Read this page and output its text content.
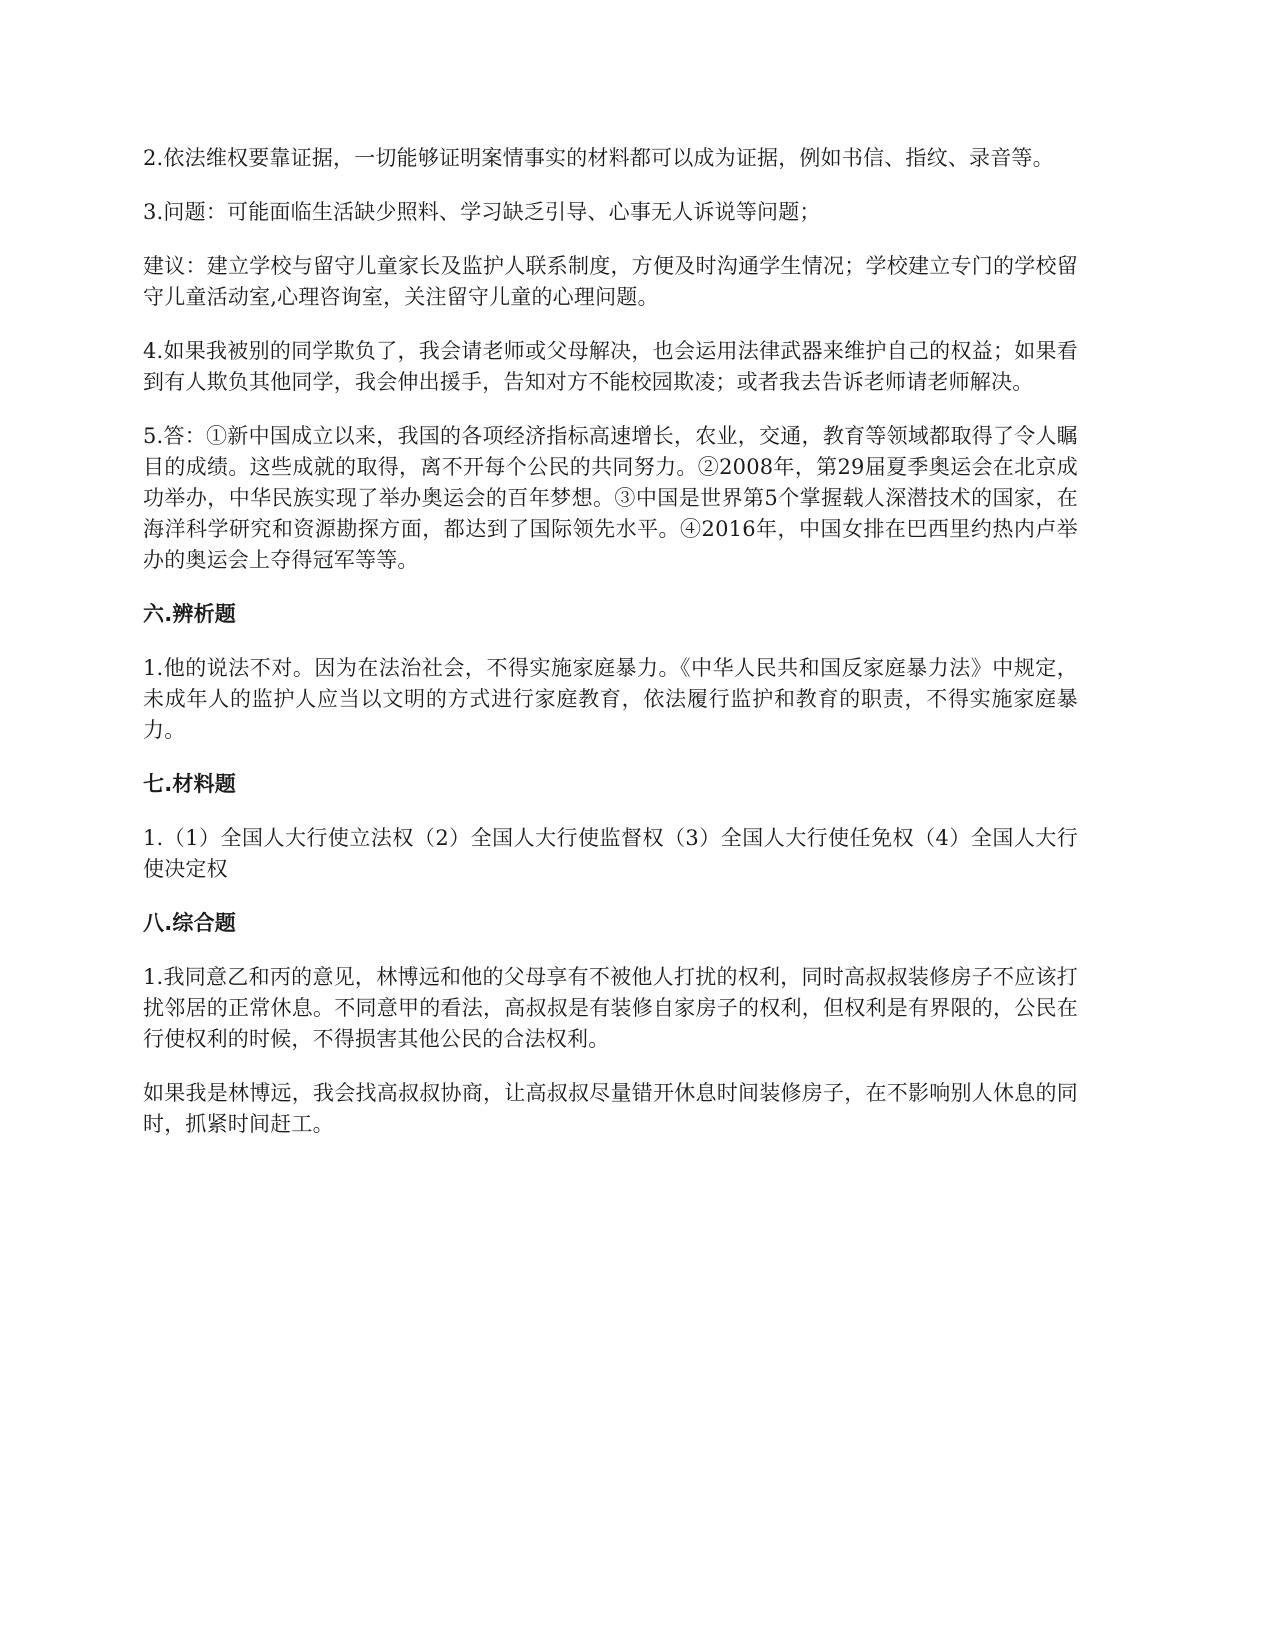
2.依法维权要靠证据，一切能够证明案情事实的材料都可以成为证据，例如书信、指纹、录音等。

3.问题：可能面临生活缺少照料、学习缺乏引导、心事无人诉说等问题；

建议：建立学校与留守儿童家长及监护人联系制度，方便及时沟通学生情况；学校建立专门的学校留守儿童活动室,心理咨询室，关注留守儿童的心理问题。

4.如果我被别的同学欺负了，我会请老师或父母解决，也会运用法律武器来维护自己的权益；如果看到有人欺负其他同学，我会伸出援手，告知对方不能校园欺凌；或者我去告诉老师请老师解决。

5.答：①新中国成立以来，我国的各项经济指标高速增长，农业，交通，教育等领域都取得了令人瞩目的成绩。这些成就的取得，离不开每个公民的共同努力。②2008年，第29届夏季奥运会在北京成功举办，中华民族实现了举办奥运会的百年梦想。③中国是世界第5个掌握载人深潜技术的国家，在海洋科学研究和资源勘探方面，都达到了国际领先水平。④2016年，中国女排在巴西里约热内卢举办的奥运会上夺得冠军等等。

六.辨析题

1.他的说法不对。因为在法治社会，不得实施家庭暴力。《中华人民共和国反家庭暴力法》中规定，未成年人的监护人应当以文明的方式进行家庭教育，依法履行监护和教育的职责，不得实施家庭暴力。

七.材料题

1.（1）全国人大行使立法权（2）全国人大行使监督权（3）全国人大行使任免权（4）全国人大行使决定权

八.综合题

1.我同意乙和丙的意见，林博远和他的父母享有不被他人打扰的权利，同时高叔叔装修房子不应该打扰邻居的正常休息。不同意甲的看法，高叔叔是有装修自家房子的权利，但权利是有界限的，公民在行使权利的时候，不得损害其他公民的合法权利。

如果我是林博远，我会找高叔叔协商，让高叔叔尽量错开休息时间装修房子，在不影响别人休息的同时，抓紧时间赶工。
